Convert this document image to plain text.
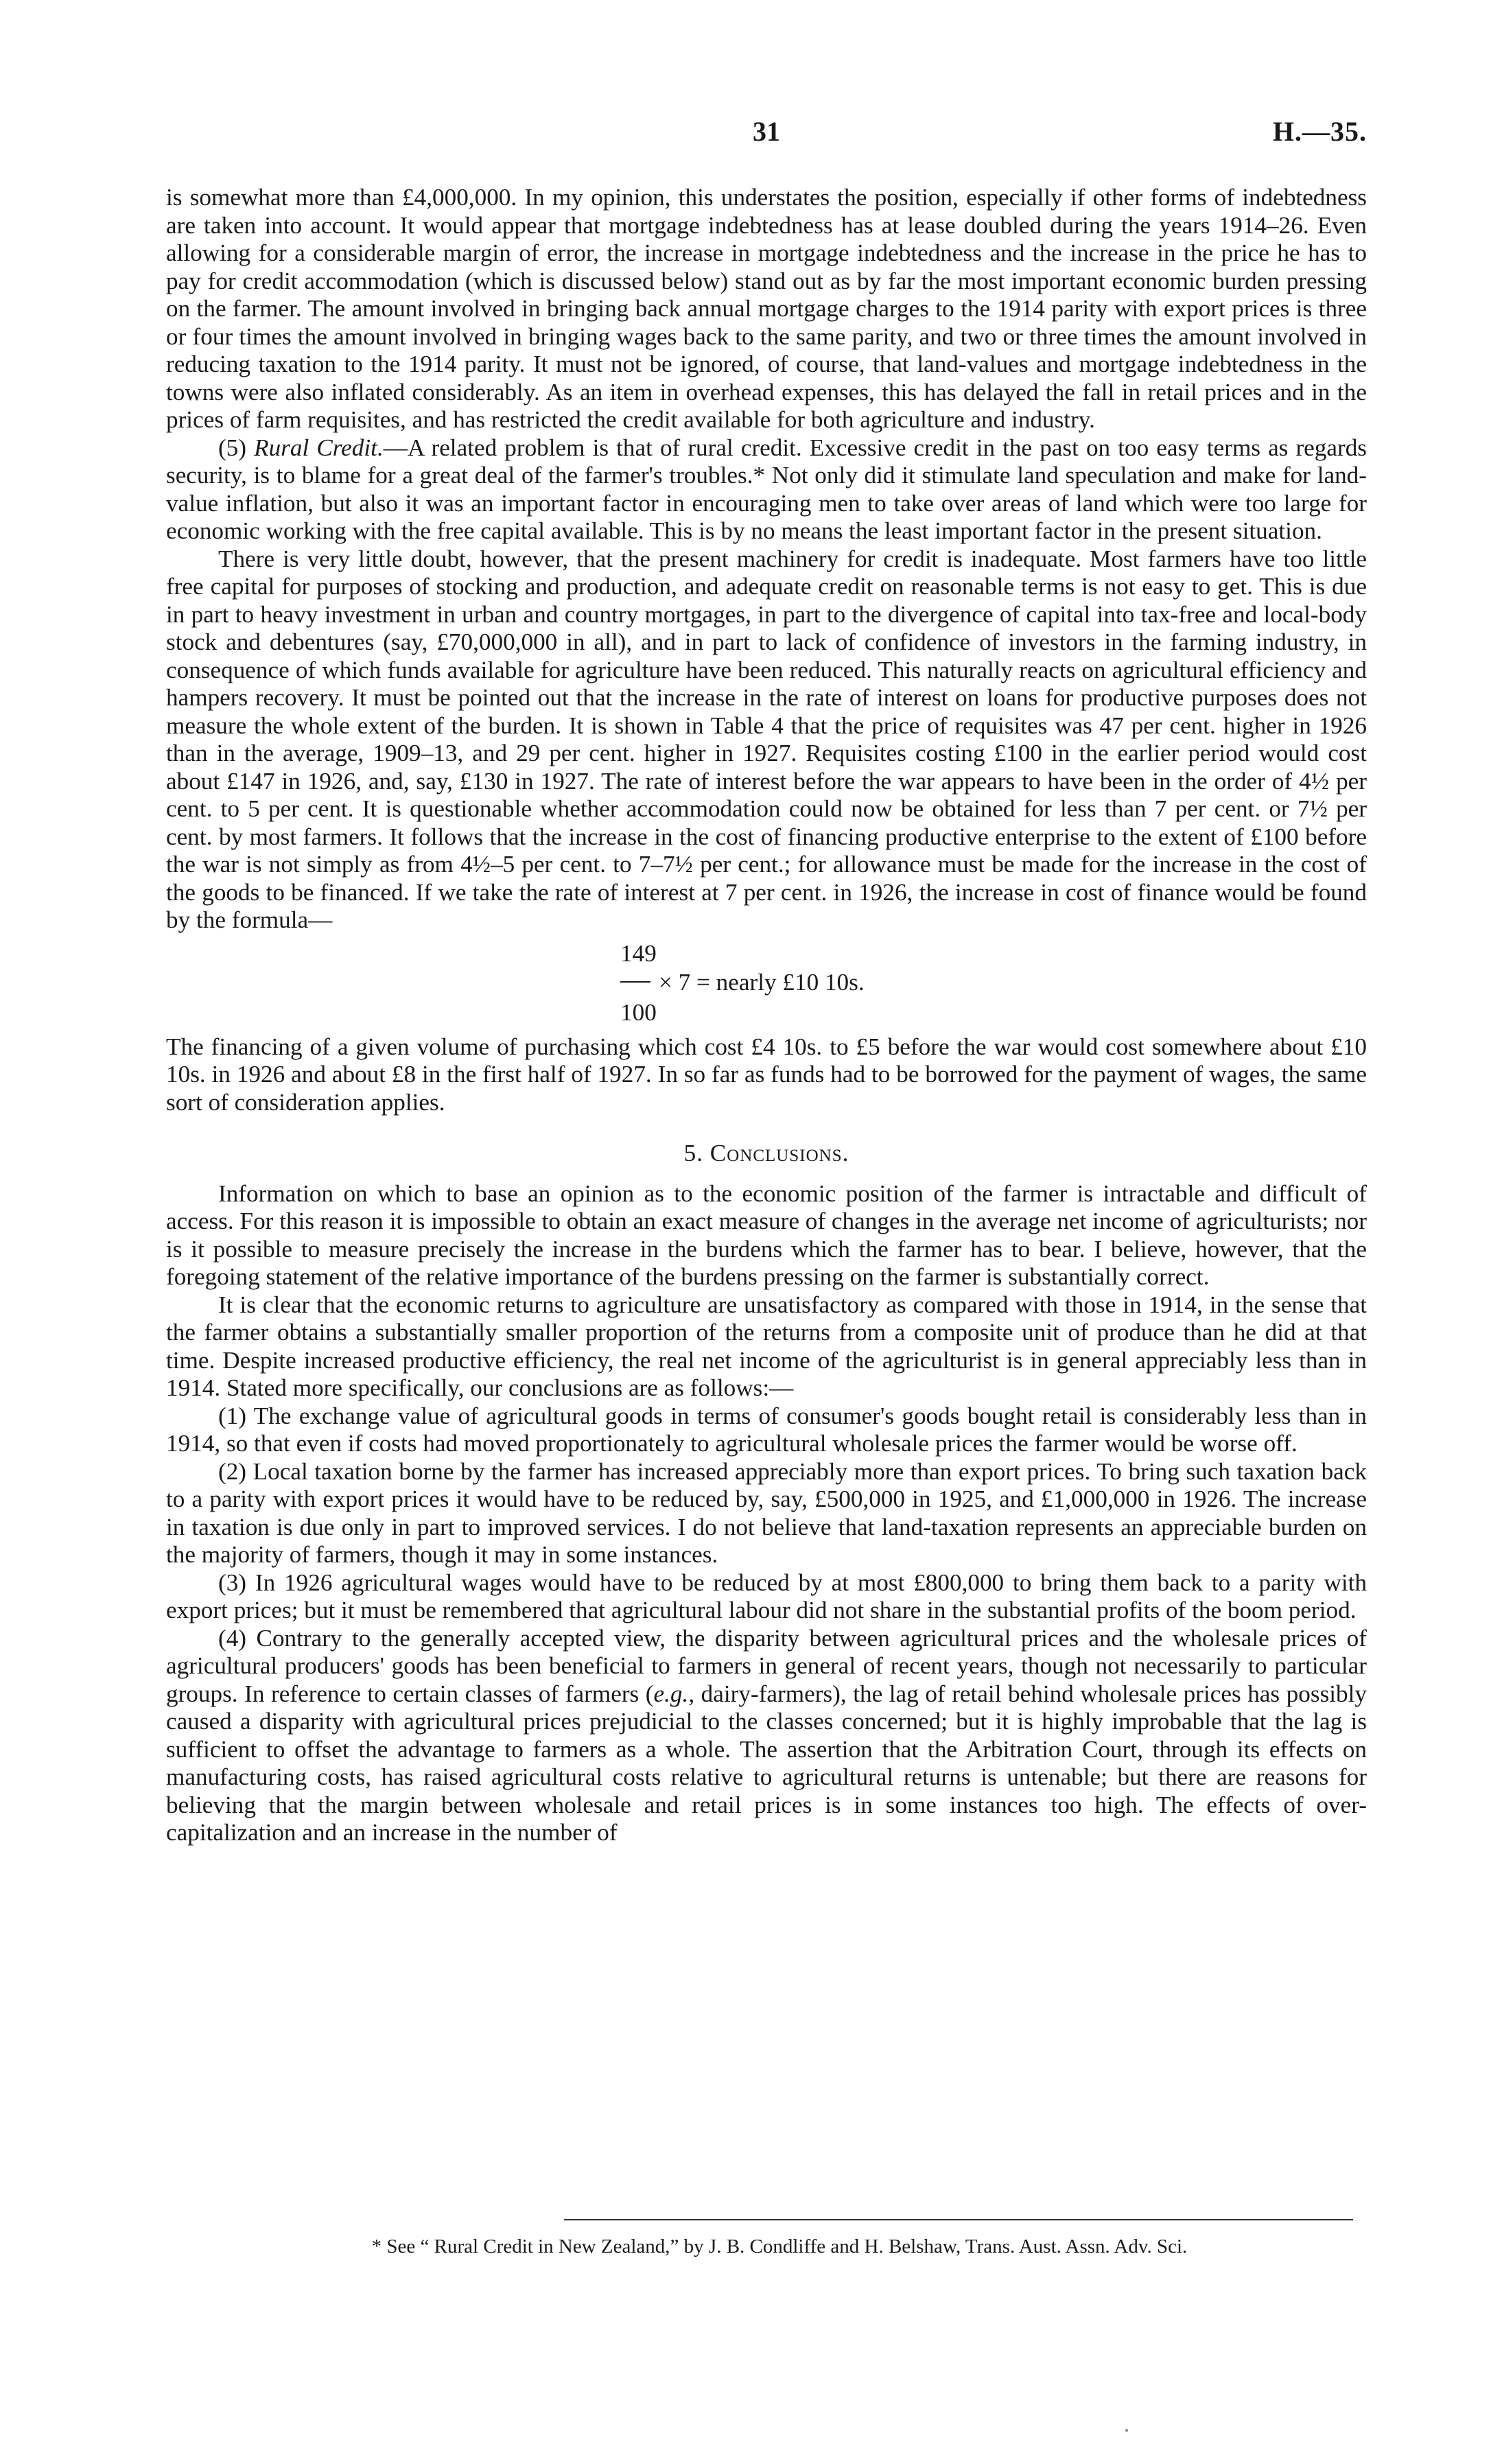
31	H.—35.

is somewhat more than £4,000,000. In my opinion, this understates the position, especially if other forms of indebtedness are taken into account. It would appear that mortgage indebtedness has at lease doubled during the years 1914–26. Even allowing for a considerable margin of error, the increase in mortgage indebtedness and the increase in the price he has to pay for credit accommodation (which is discussed below) stand out as by far the most important economic burden pressing on the farmer. The amount involved in bringing back annual mortgage charges to the 1914 parity with export prices is three or four times the amount involved in bringing wages back to the same parity, and two or three times the amount involved in reducing taxation to the 1914 parity. It must not be ignored, of course, that land-values and mortgage indebtedness in the towns were also inflated considerably. As an item in overhead expenses, this has delayed the fall in retail prices and in the prices of farm requisites, and has restricted the credit available for both agriculture and industry.

(5) Rural Credit.—A related problem is that of rural credit. Excessive credit in the past on too easy terms as regards security, is to blame for a great deal of the farmer's troubles.* Not only did it stimulate land speculation and make for land-value inflation, but also it was an important factor in encouraging men to take over areas of land which were too large for economic working with the free capital available. This is by no means the least important factor in the present situation.

There is very little doubt, however, that the present machinery for credit is inadequate. Most farmers have too little free capital for purposes of stocking and production, and adequate credit on reasonable terms is not easy to get. This is due in part to heavy investment in urban and country mortgages, in part to the divergence of capital into tax-free and local-body stock and debentures (say, £70,000,000 in all), and in part to lack of confidence of investors in the farming industry, in consequence of which funds available for agriculture have been reduced. This naturally reacts on agricultural efficiency and hampers recovery. It must be pointed out that the increase in the rate of interest on loans for productive purposes does not measure the whole extent of the burden. It is shown in Table 4 that the price of requisites was 47 per cent. higher in 1926 than in the average, 1909–13, and 29 per cent. higher in 1927. Requisites costing £100 in the earlier period would cost about £147 in 1926, and, say, £130 in 1927. The rate of interest before the war appears to have been in the order of 4½ per cent. to 5 per cent. It is questionable whether accommodation could now be obtained for less than 7 per cent. or 7½ per cent. by most farmers. It follows that the increase in the cost of financing productive enterprise to the extent of £100 before the war is not simply as from 4½–5 per cent. to 7–7½ per cent.; for allowance must be made for the increase in the cost of the goods to be financed. If we take the rate of interest at 7 per cent. in 1926, the increase in cost of finance would be found by the formula—

149
× 7 = nearly £10 10s.
100

The financing of a given volume of purchasing which cost £4 10s. to £5 before the war would cost somewhere about £10 10s. in 1926 and about £8 in the first half of 1927. In so far as funds had to be borrowed for the payment of wages, the same sort of consideration applies.

5. Conclusions.

Information on which to base an opinion as to the economic position of the farmer is intractable and difficult of access. For this reason it is impossible to obtain an exact measure of changes in the average net income of agriculturists; nor is it possible to measure precisely the increase in the burdens which the farmer has to bear. I believe, however, that the foregoing statement of the relative importance of the burdens pressing on the farmer is substantially correct.

It is clear that the economic returns to agriculture are unsatisfactory as compared with those in 1914, in the sense that the farmer obtains a substantially smaller proportion of the returns from a composite unit of produce than he did at that time. Despite increased productive efficiency, the real net income of the agriculturist is in general appreciably less than in 1914. Stated more specifically, our conclusions are as follows:—

(1) The exchange value of agricultural goods in terms of consumer's goods bought retail is considerably less than in 1914, so that even if costs had moved proportionately to agricultural wholesale prices the farmer would be worse off.

(2) Local taxation borne by the farmer has increased appreciably more than export prices. To bring such taxation back to a parity with export prices it would have to be reduced by, say, £500,000 in 1925, and £1,000,000 in 1926. The increase in taxation is due only in part to improved services. I do not believe that land-taxation represents an appreciable burden on the majority of farmers, though it may in some instances.

(3) In 1926 agricultural wages would have to be reduced by at most £800,000 to bring them back to a parity with export prices; but it must be remembered that agricultural labour did not share in the substantial profits of the boom period.

(4) Contrary to the generally accepted view, the disparity between agricultural prices and the wholesale prices of agricultural producers' goods has been beneficial to farmers in general of recent years, though not necessarily to particular groups. In reference to certain classes of farmers (e.g., dairy-farmers), the lag of retail behind wholesale prices has possibly caused a disparity with agricultural prices prejudicial to the classes concerned; but it is highly improbable that the lag is sufficient to offset the advantage to farmers as a whole. The assertion that the Arbitration Court, through its effects on manufacturing costs, has raised agricultural costs relative to agricultural returns is untenable; but there are reasons for believing that the margin between wholesale and retail prices is in some instances too high. The effects of over-capitalization and an increase in the number of

* See “ Rural Credit in New Zealand,” by J. B. Condliffe and H. Belshaw, Trans. Aust. Assn. Adv. Sci.
